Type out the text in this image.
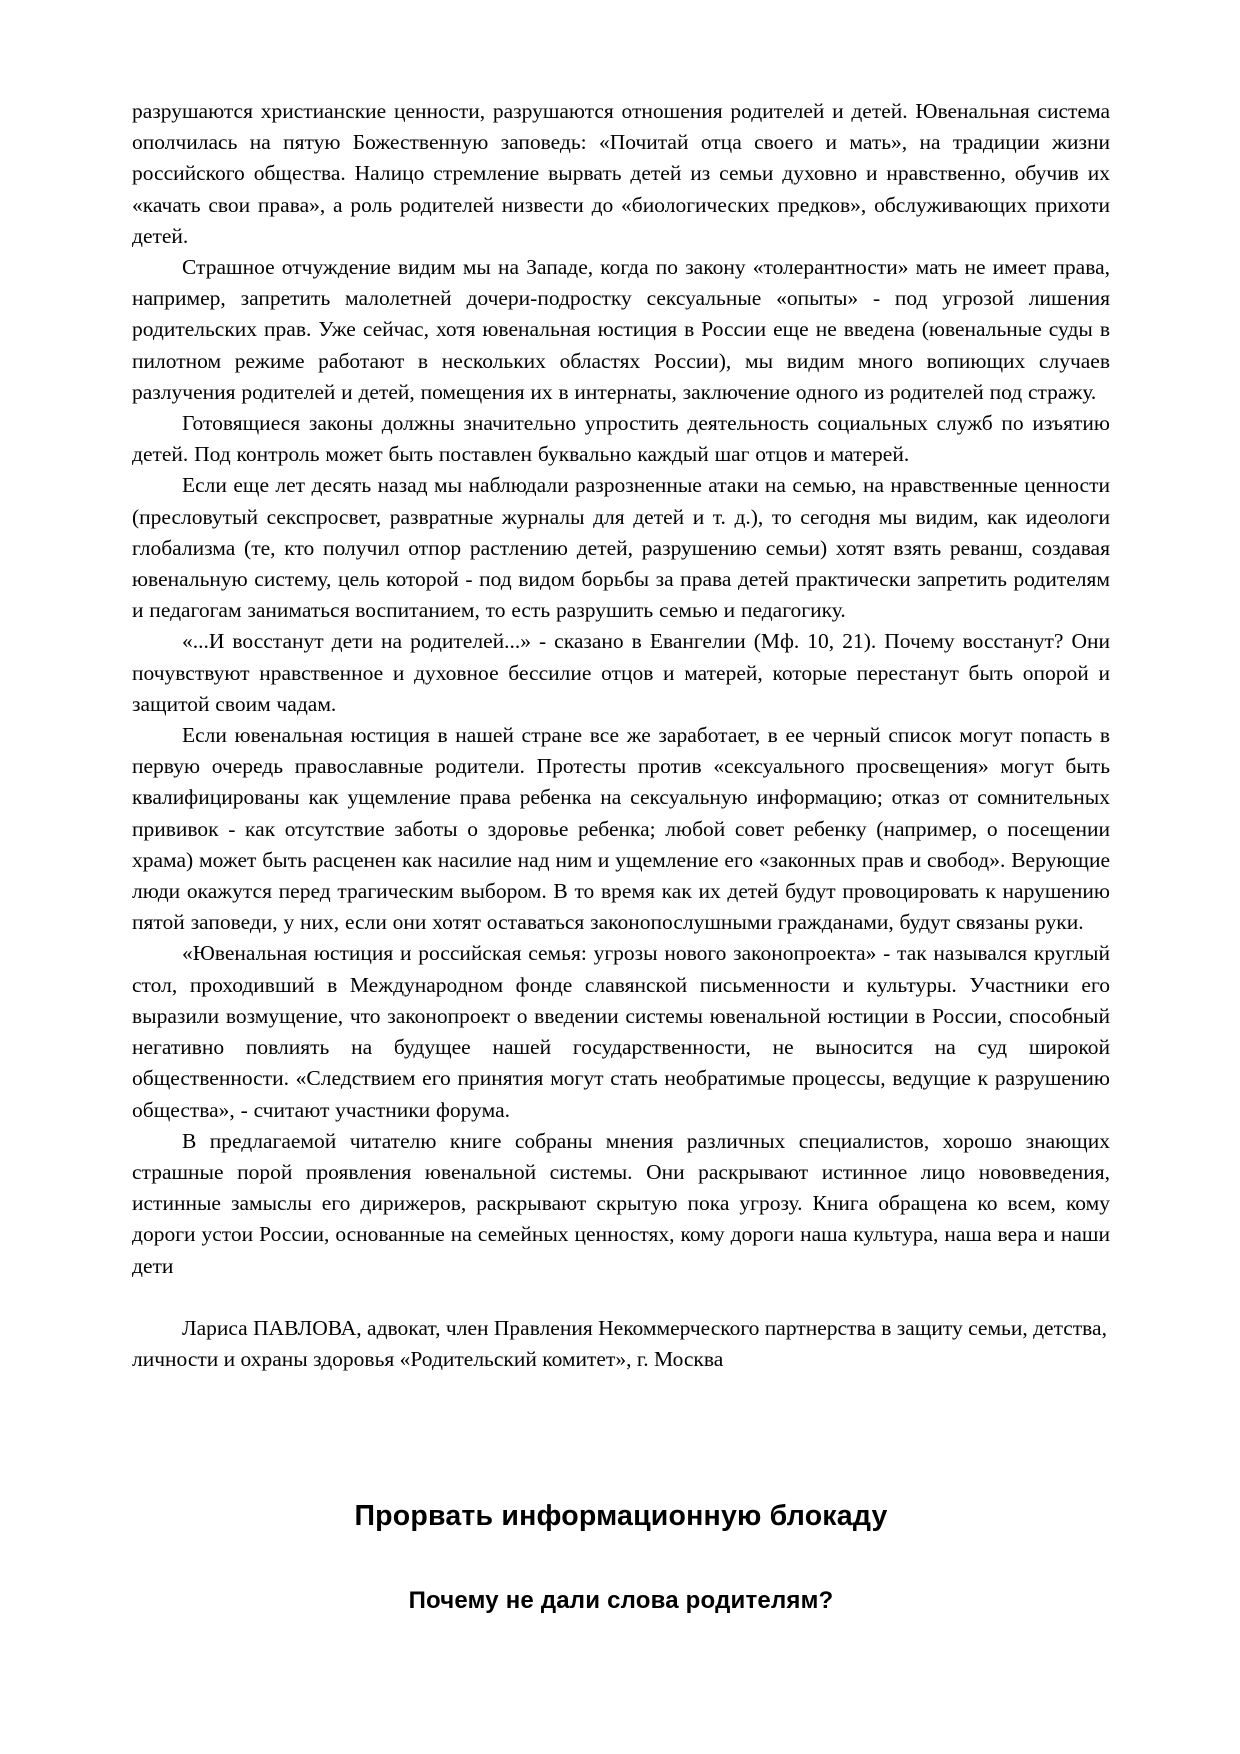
разрушаются христианские ценности, разрушаются отношения родителей и детей. Ювенальная система ополчилась на пятую Божественную заповедь: «Почитай отца своего и мать», на традиции жизни российского общества. Налицо стремление вырвать детей из семьи духовно и нравственно, обучив их «качать свои права», а роль родителей низвести до «биологических предков», обслуживающих прихоти детей.

Страшное отчуждение видим мы на Западе, когда по закону «толерантности» мать не имеет права, например, запретить малолетней дочери-подростку сексуальные «опыты» - под угрозой лишения родительских прав. Уже сейчас, хотя ювенальная юстиция в России еще не введена (ювенальные суды в пилотном режиме работают в нескольких областях России), мы видим много вопиющих случаев разлучения родителей и детей, помещения их в интернаты, заключение одного из родителей под стражу.

Готовящиеся законы должны значительно упростить деятельность социальных служб по изъятию детей. Под контроль может быть поставлен буквально каждый шаг отцов и матерей.

Если еще лет десять назад мы наблюдали разрозненные атаки на семью, на нравственные ценности (пресловутый секспросвет, развратные журналы для детей и т. д.), то сегодня мы видим, как идеологи глобализма (те, кто получил отпор растлению детей, разрушению семьи) хотят взять реванш, создавая ювенальную систему, цель которой - под видом борьбы за права детей практически запретить родителям и педагогам заниматься воспитанием, то есть разрушить семью и педагогику.

«...И восстанут дети на родителей...» - сказано в Евангелии (Мф. 10, 21). Почему восстанут? Они почувствуют нравственное и духовное бессилие отцов и матерей, которые перестанут быть опорой и защитой своим чадам.

Если ювенальная юстиция в нашей стране все же заработает, в ее черный список могут попасть в первую очередь православные родители. Протесты против «сексуального просвещения» могут быть квалифицированы как ущемление права ребенка на сексуальную информацию; отказ от сомнительных прививок - как отсутствие заботы о здоровье ребенка; любой совет ребенку (например, о посещении храма) может быть расценен как насилие над ним и ущемление его «законных прав и свобод». Верующие люди окажутся перед трагическим выбором. В то время как их детей будут провоцировать к нарушению пятой заповеди, у них, если они хотят оставаться законопослушными гражданами, будут связаны руки.

«Ювенальная юстиция и российская семья: угрозы нового законопроекта» - так назывался круглый стол, проходивший в Международном фонде славянской письменности и культуры. Участники его выразили возмущение, что законопроект о введении системы ювенальной юстиции в России, способный негативно повлиять на будущее нашей государственности, не выносится на суд широкой общественности. «Следствием его принятия могут стать необратимые процессы, ведущие к разрушению общества», - считают участники форума.

В предлагаемой читателю книге собраны мнения различных специалистов, хорошо знающих страшные порой проявления ювенальной системы. Они раскрывают истинное лицо нововведения, истинные замыслы его дирижеров, раскрывают скрытую пока угрозу. Книга обращена ко всем, кому дороги устои России, основанные на семейных ценностях, кому дороги наша культура, наша вера и наши дети

Лариса ПАВЛОВА, адвокат, член Правления Некоммерческого партнерства в защиту семьи, детства, личности и охраны здоровья «Родительский комитет», г. Москва

Прорвать информационную блокаду
Почему не дали слова родителям?
